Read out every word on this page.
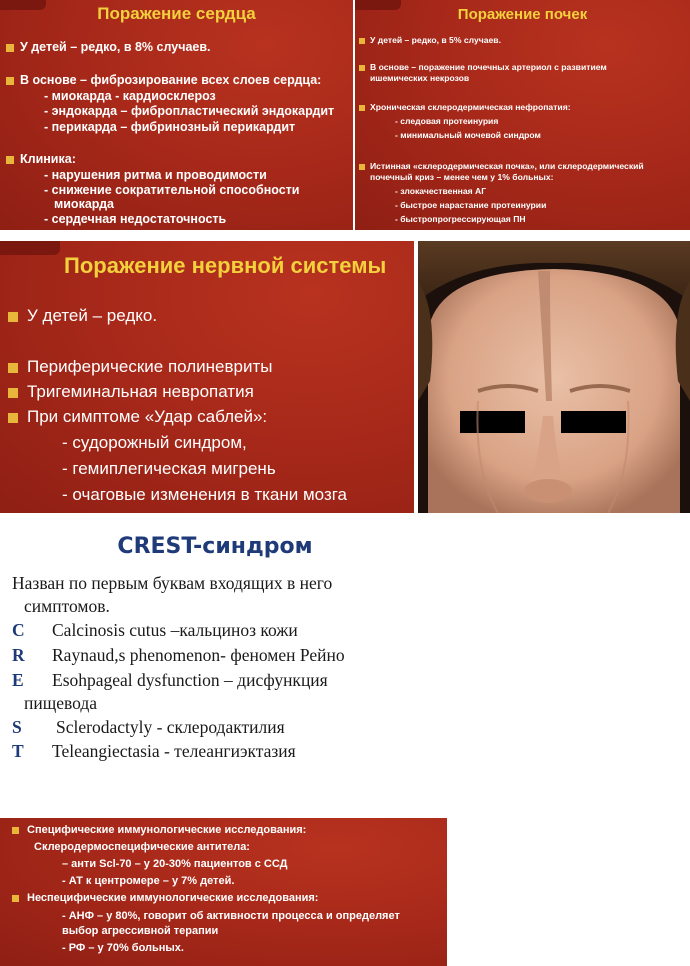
˅
Поражение сердца
У детей – редко, в 8% случаев.
В основе – фиброзирование всех слоев сердца:
- миокарда - кардиосклероз
- эндокарда – фибропластический эндокардит
- перикарда – фибринозный перикардит
Клиника:
- нарушения ритма и проводимости
- снижение сократительной способности
миокарда
- сердечная недостаточность
˅
Поражение почек
У детей – редко, в 5% случаев.
В основе – поражение почечных артериол с развитием
ишемических некрозов
Хроническая склеродермическая нефропатия:
- следовая протеинурия
- минимальный мочевой синдром
Истинная «склеродермическая почка», или склеродермический
почечный криз – менее чем у 1% больных:
- злокачественная АГ
- быстрое нарастание протеинурии
- быстропрогрессирующая ПН
˅
Поражение нервной системы
У детей – редко.
Периферические полиневриты
Тригеминальная невропатия
При симптоме «Удар саблей»:
- судорожный синдром,
- гемиплегическая мигрень
- очаговые изменения в ткани мозга
CREST-синдром
Назван по первым буквам входящих в него
симптомов.
C Calcinosis cutus –кальциноз кожи
R Raynaud,s phenomenon- феномен Рейно
E Esohpageal dysfunction – дисфункция
пищевода
S Sclerodactyly - склеродактилия
T Teleangiectasia - телеангиэктазия
Специфические иммунологические исследования:
Склеродермоспецифические антитела:
– анти Scl-70 – у 20-30% пациентов с ССД
- АТ к центромере – у 7% детей.
Неспецифические иммунологические исследования:
- АНФ – у 80%, говорит об активности процесса и определяет
выбор агрессивной терапии
- РФ – у 70% больных.
